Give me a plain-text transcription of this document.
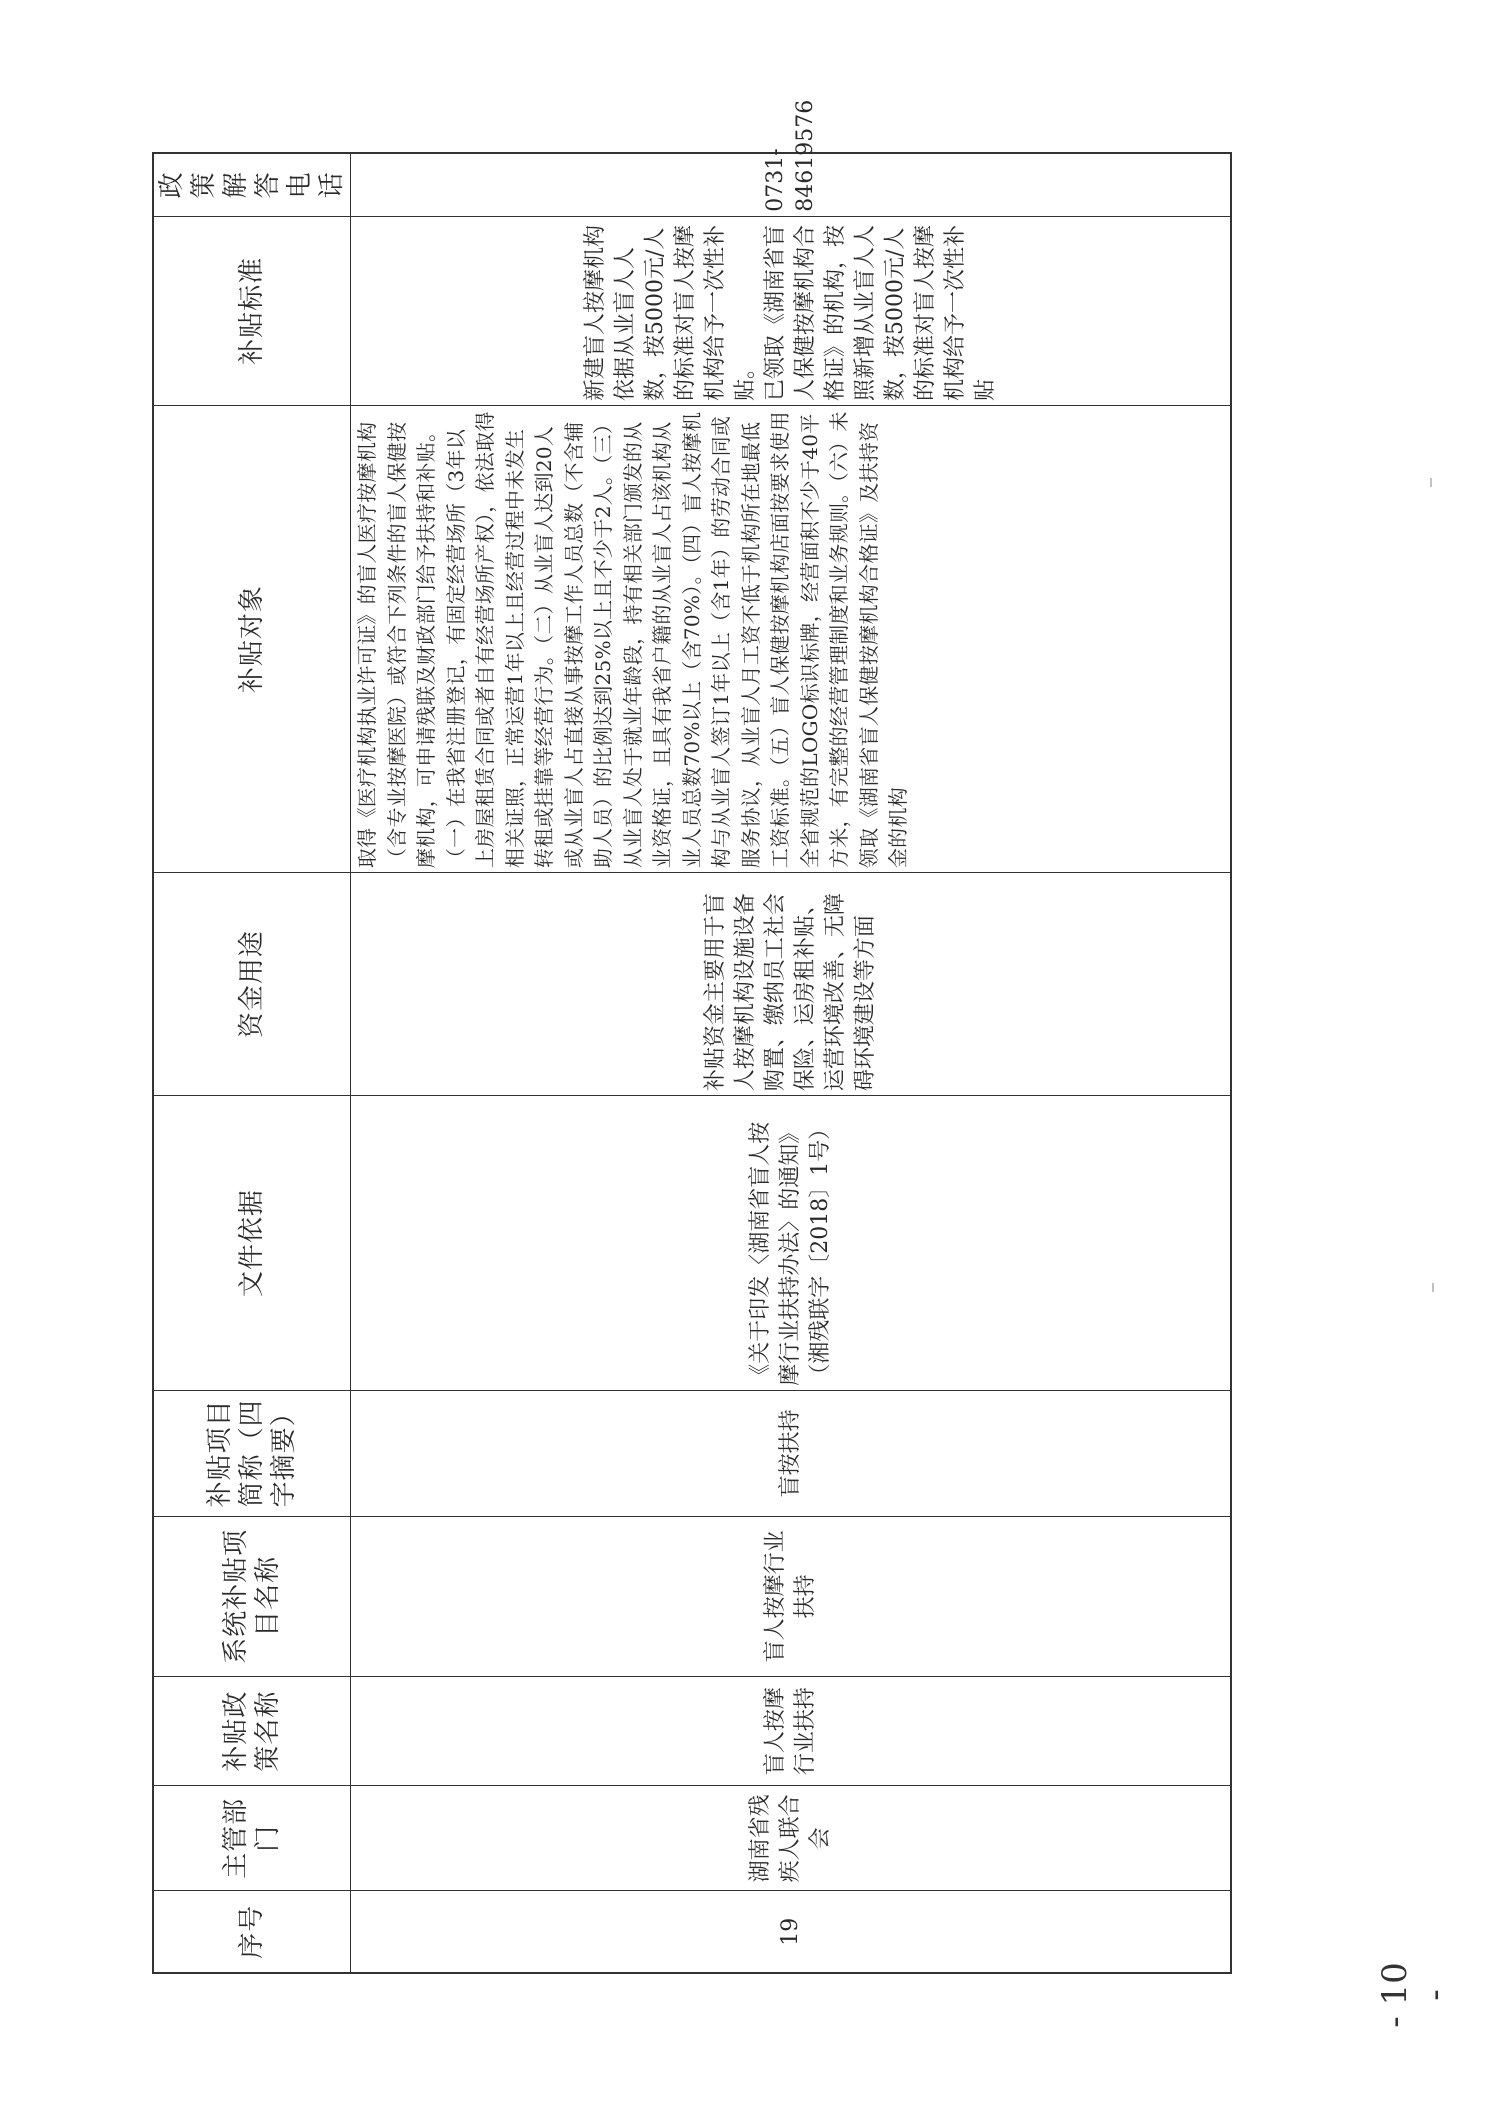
序号	主管部门	补贴政策名称	系统补贴项目名称	补贴项目简称（四字摘要）	文件依据	资金用途	补贴对象	补贴标准	政策解答电话
19	湖南省残疾人联合会	盲人按摩行业扶持	盲人按摩行业扶持	盲按扶持	《关于印发〈湖南省盲人按摩行业扶持办法〉的通知》（湘残联字〔2018〕1号）	补贴资金主要用于盲人按摩机构设施设备购置、缴纳员工社会保险、运房租补贴、运营环境改善、无障碍环境建设等方面	取得《医疗机构执业许可证》的盲人医疗按摩机构（含专业按摩医院）或符合下列条件的盲人保健按摩机构，可申请残联及财政部门给予扶持和补贴。（一）在我省注册登记，有固定经营场所（3年以上房屋租赁合同或者自有经营场所产权），依法取得相关证照，正常运营1年以上且经营过程中未发生转租或挂靠等经营行为。（二）从业盲人达到20人或从业盲人占直接从事按摩工作人员总数（不含辅助人员）的比例达到25%以上且不少于2人。（三）从业盲人处于就业年龄段，持有相关部门颁发的从业资格证，且具有我省户籍的从业盲人占该机构从业人员总数70%以上（含70%）。（四）盲人按摩机构与从业盲人签订1年以上（含1年）的劳动合同或服务协议，从业盲人月工资不低于机构所在地最低工资标准。（五）盲人保健按摩机构店面按要求使用全省规范的LOGO标识标牌，经营面积不少于40平方米，有完整的经营管理制度和业务规则。（六）未领取《湖南省盲人保健按摩机构合格证》及扶持资金的机构	新建盲人按摩机构依据从业盲人人数，按5000元/人的标准对盲人按摩机构给予一次性补贴。 已领取《湖南省盲人保健按摩机构合格证》的机构，按照新增从业盲人人数，按5000元/人的标准对盲人按摩机构给予一次性补贴	0731-84619576
- 10 -
